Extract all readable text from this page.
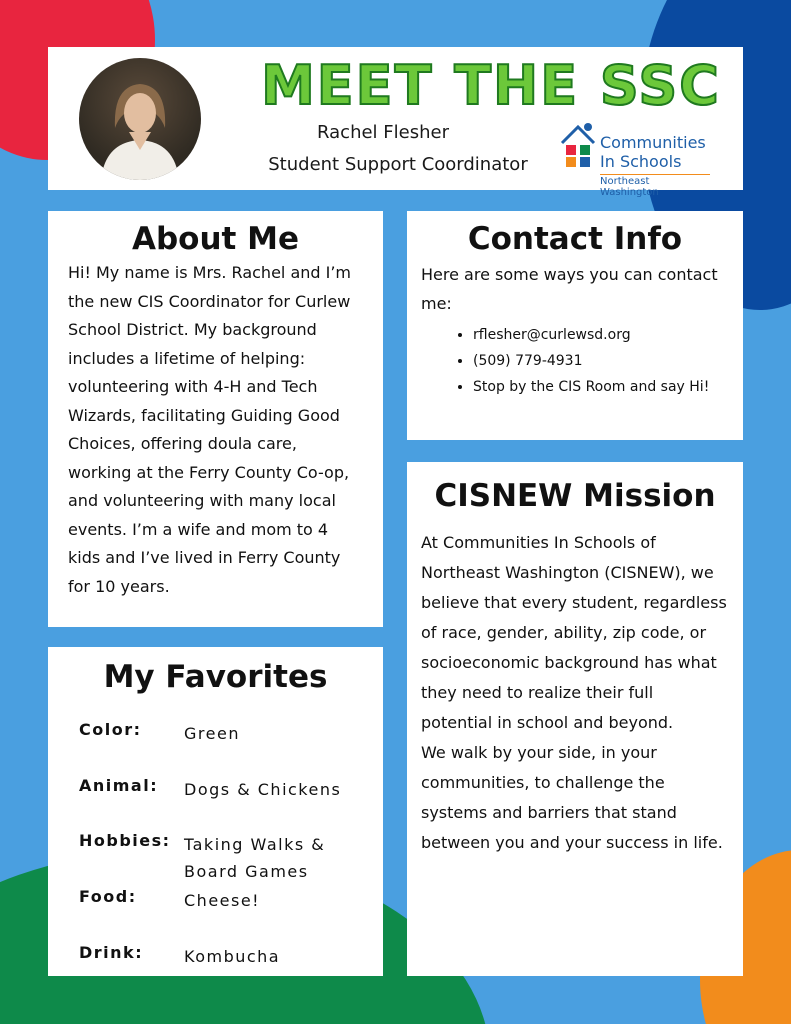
MEET THE SSC
Rachel Flesher
Student Support Coordinator
Communities
In Schools
Northeast Washington
About Me
Hi! My name is Mrs. Rachel and I’m the new CIS Coordinator for Curlew School District. My background includes a lifetime of helping: volunteering with 4-H and Tech Wizards, facilitating Guiding Good Choices, offering doula care, working at the Ferry County Co-op, and volunteering with many local events. I’m a wife and mom to 4 kids and I’ve lived in Ferry County for 10 years.
Contact Info
Here are some ways you can contact me:
• rflesher@curlewsd.org
• (509) 779-4931
• Stop by the CIS Room and say Hi!
CISNEW Mission
At Communities In Schools of Northeast Washington (CISNEW), we believe that every student, regardless of race, gender, ability, zip code, or socioeconomic background has what they need to realize their full potential in school and beyond.
We walk by your side, in your communities, to challenge the systems and barriers that stand between you and your success in life.
My Favorites
Color:	Green
Animal:	Dogs & Chickens
Hobbies: Taking Walks & Board Games
Food:	Cheese!
Drink:	Kombucha
